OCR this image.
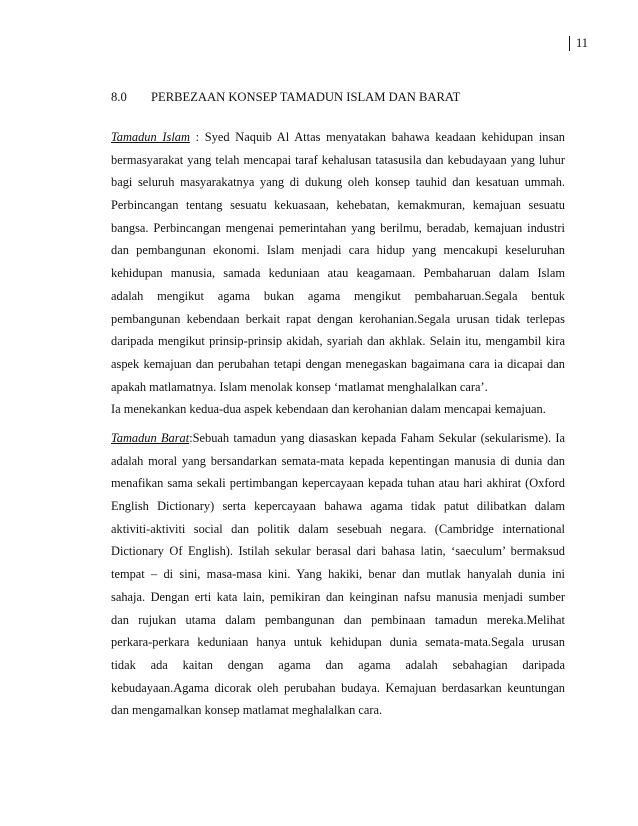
11
8.0 PERBEZAAN KONSEP TAMADUN ISLAM DAN BARAT
Tamadun Islam : Syed Naquib Al Attas menyatakan bahawa keadaan kehidupan insan
bermasyarakat yang telah mencapai taraf kehalusan tatasusila dan kebudayaan yang luhur
bagi seluruh masyarakatnya yang di dukung oleh konsep tauhid dan kesatuan ummah.
Perbincangan tentang sesuatu kekuasaan, kehebatan, kemakmuran, kemajuan sesuatu
bangsa. Perbincangan mengenai pemerintahan yang berilmu, beradab, kemajuan industri
dan pembangunan ekonomi. Islam menjadi cara hidup yang mencakupi keseluruhan
kehidupan manusia, samada keduniaan atau keagamaan. Pembaharuan dalam Islam
adalah mengikut agama bukan agama mengikut pembaharuan.Segala bentuk
pembangunan kebendaan berkait rapat dengan kerohanian.Segala urusan tidak terlepas
daripada mengikut prinsip-prinsip akidah, syariah dan akhlak. Selain itu, mengambil kira
aspek kemajuan dan perubahan tetapi dengan menegaskan bagaimana cara ia dicapai dan
apakah matlamatnya. Islam menolak konsep ‘matlamat menghalalkan cara’.
Ia menekankan kedua-dua aspek kebendaan dan kerohanian dalam mencapai kemajuan.
Tamadun Barat:Sebuah tamadun yang diasaskan kepada Faham Sekular (sekularisme). Ia
adalah moral yang bersandarkan semata-mata kepada kepentingan manusia di dunia dan
menafikan sama sekali pertimbangan kepercayaan kepada tuhan atau hari akhirat (Oxford
English Dictionary) serta kepercayaan bahawa agama tidak patut dilibatkan dalam
aktiviti-aktiviti social dan politik dalam sesebuah negara. (Cambridge international
Dictionary Of English). Istilah sekular berasal dari bahasa latin, ‘saeculum’ bermaksud
tempat – di sini, masa-masa kini. Yang hakiki, benar dan mutlak hanyalah dunia ini
sahaja. Dengan erti kata lain, pemikiran dan keinginan nafsu manusia menjadi sumber
dan rujukan utama dalam pembangunan dan pembinaan tamadun mereka.Melihat
perkara-perkara keduniaan hanya untuk kehidupan dunia semata-mata.Segala urusan
tidak ada kaitan dengan agama dan agama adalah sebahagian daripada
kebudayaan.Agama dicorak oleh perubahan budaya. Kemajuan berdasarkan keuntungan
dan mengamalkan konsep matlamat meghalalkan cara.
